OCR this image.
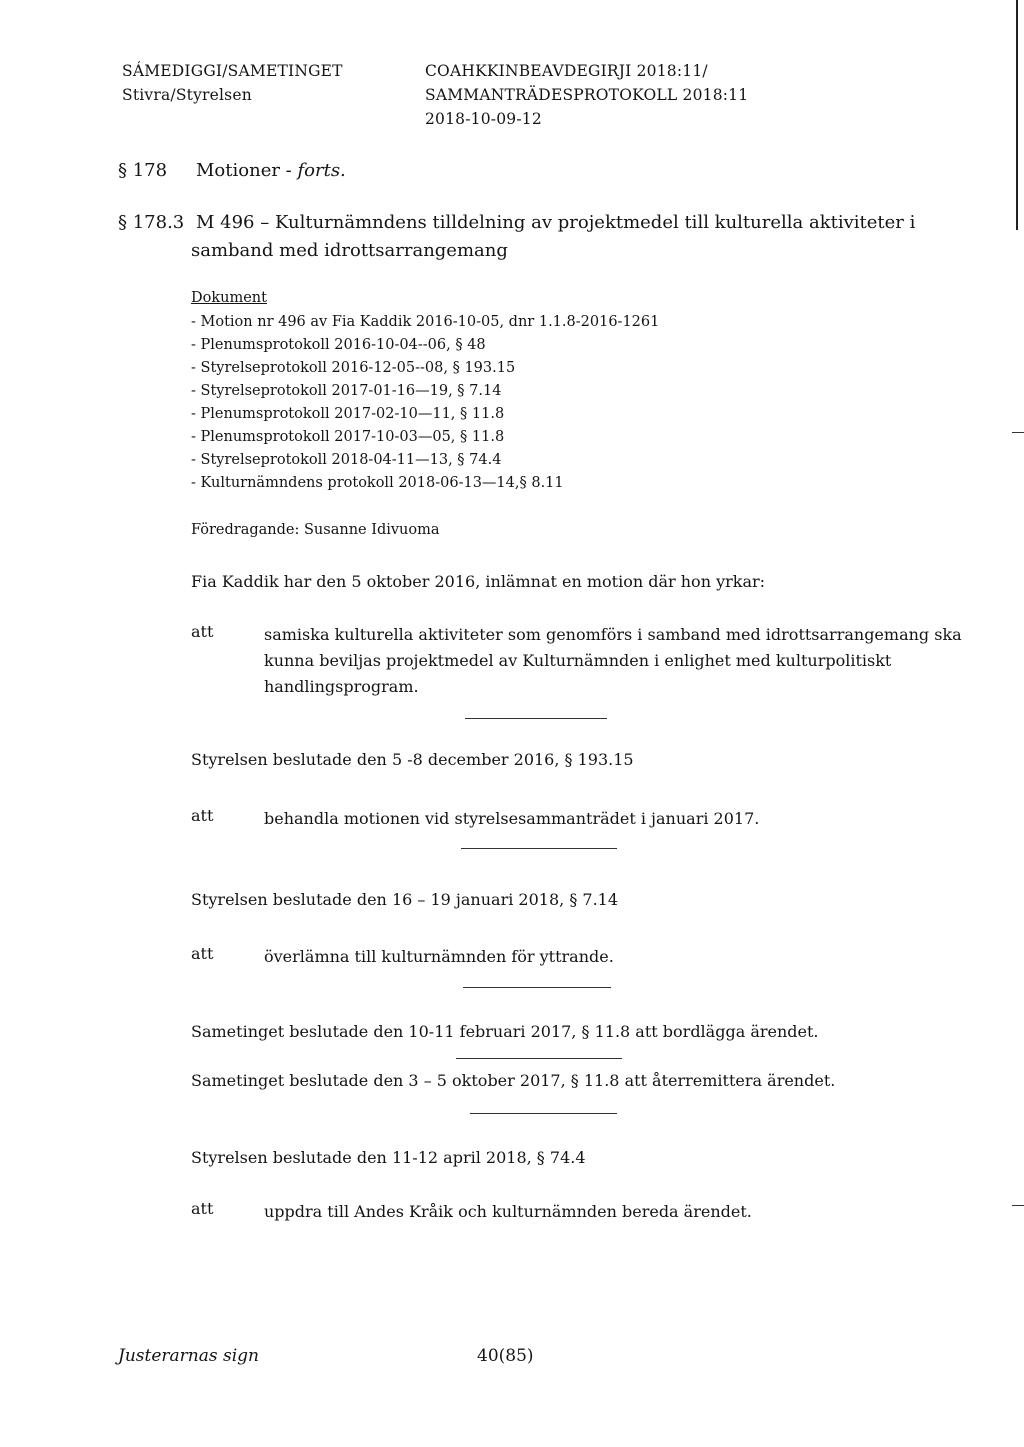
SÁMEDIGGI/SAMETINGET
Stivra/Styrelsen
COAHKKINBEAVDEGIRJI 2018:11/
SAMMANTRÄDESPROTOKOLL 2018:11
2018-10-09-12
§ 178 Motioner - forts.
§ 178.3 M 496 – Kulturnämndens tilldelning av projektmedel till kulturella aktiviteter i
samband med idrottsarrangemang
Dokument
- Motion nr 496 av Fia Kaddik 2016-10-05, dnr 1.1.8-2016-1261
- Plenumsprotokoll 2016-10-04--06, § 48
- Styrelseprotokoll 2016-12-05--08, § 193.15
- Styrelseprotokoll 2017-01-16—19, § 7.14
- Plenumsprotokoll 2017-02-10—11, § 11.8
- Plenumsprotokoll 2017-10-03—05, § 11.8
- Styrelseprotokoll 2018-04-11—13, § 74.4
- Kulturnämndens protokoll 2018-06-13—14,§ 8.11
Föredragande: Susanne Idivuoma
Fia Kaddik har den 5 oktober 2016, inlämnat en motion där hon yrkar:
att	samiska kulturella aktiviteter som genomförs i samband med idrottsarrangemang ska kunna beviljas projektmedel av Kulturnämnden i enlighet med kulturpolitiskt handlingsprogram.
Styrelsen beslutade den 5 -8 december 2016, § 193.15
att	behandla motionen vid styrelsesammanträdet i januari 2017.
Styrelsen beslutade den 16 – 19 januari 2018, § 7.14
att	överlämna till kulturnämnden för yttrande.
Sametinget beslutade den 10-11 februari 2017, § 11.8 att bordlägga ärendet.
Sametinget beslutade den 3 – 5 oktober 2017, § 11.8 att återremittera ärendet.
Styrelsen beslutade den 11-12 april 2018, § 74.4
att	uppdra till Andes Kråik och kulturnämnden bereda ärendet.
Justerarnas sign	40(85)
